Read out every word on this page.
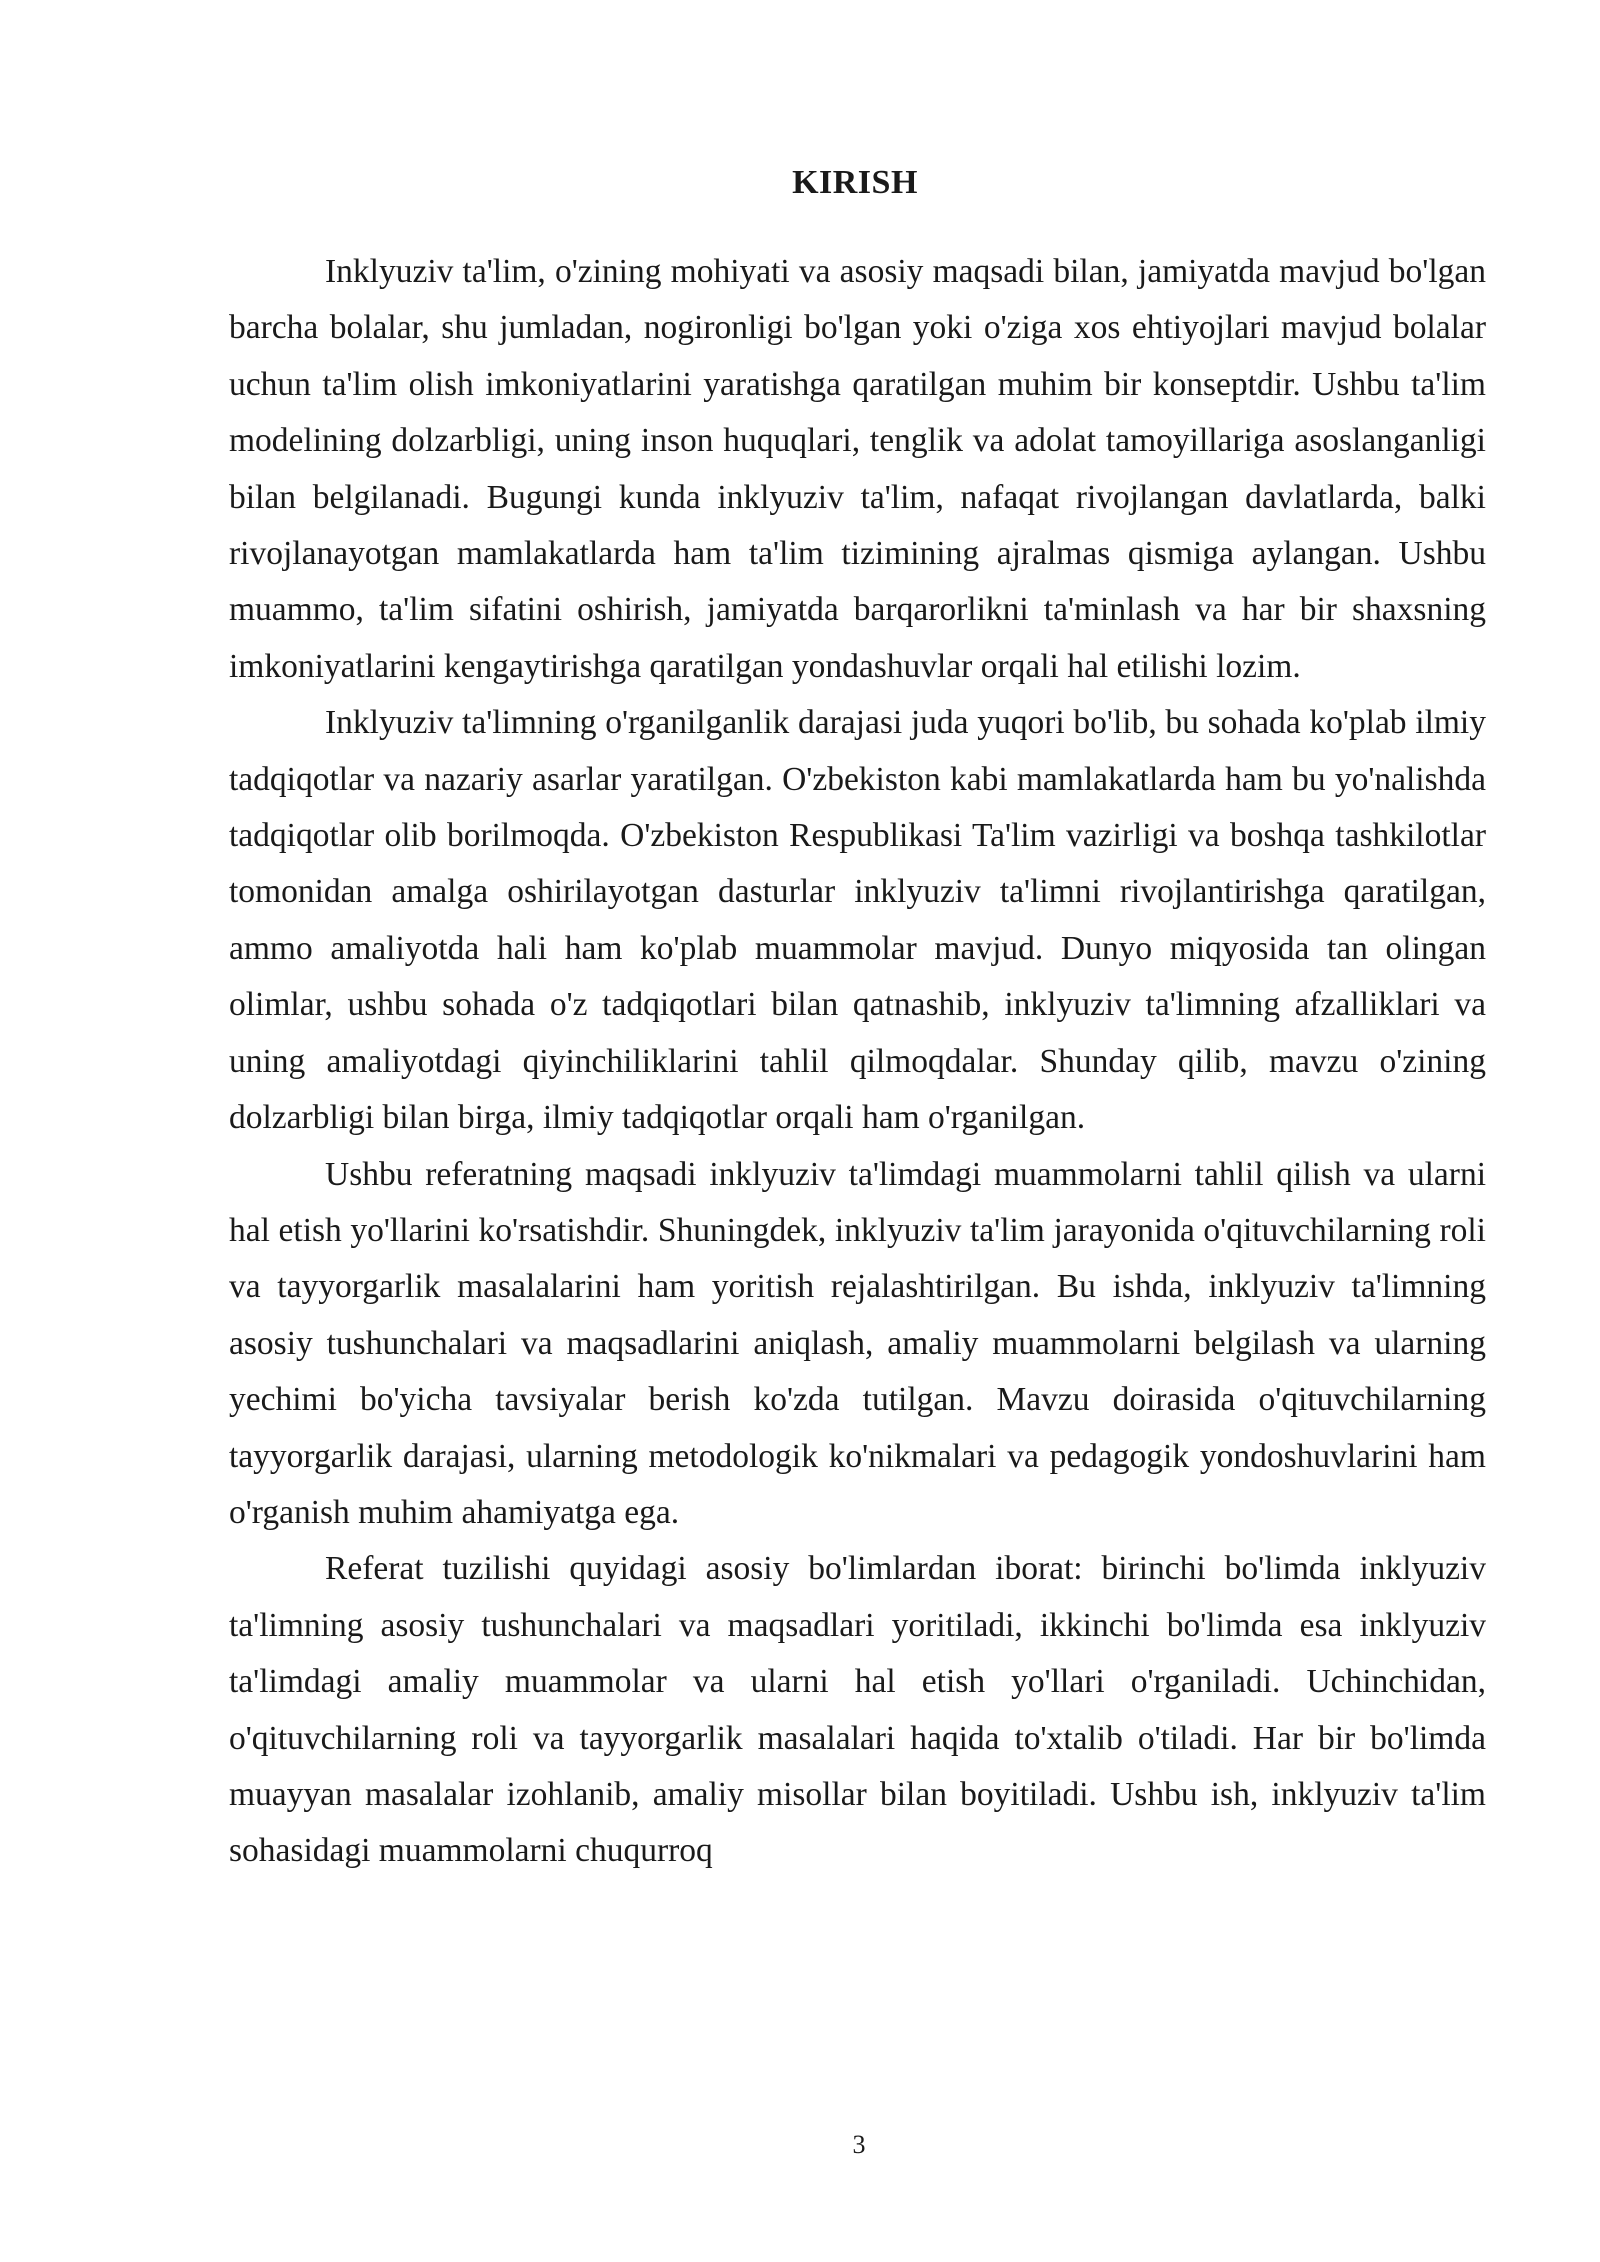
KIRISH

Inklyuziv ta'lim, o'zining mohiyati va asosiy maqsadi bilan, jamiyatda mavjud bo'lgan barcha bolalar, shu jumladan, nogironligi bo'lgan yoki o'ziga xos ehtiyojlari mavjud bolalar uchun ta'lim olish imkoniyatlarini yaratishga qaratilgan muhim bir konseptdir. Ushbu ta'lim modelining dolzarbligi, uning inson huquqlari, tenglik va adolat tamoyillariga asoslanganligi bilan belgilanadi. Bugungi kunda inklyuziv ta'lim, nafaqat rivojlangan davlatlarda, balki rivojlanayotgan mamlakatlarda ham ta'lim tizimining ajralmas qismiga aylangan. Ushbu muammo, ta'lim sifatini oshirish, jamiyatda barqarorlikni ta'minlash va har bir shaxsning imkoniyatlarini kengaytirishga qaratilgan yondashuvlar orqali hal etilishi lozim.

Inklyuziv ta'limning o'rganilganlik darajasi juda yuqori bo'lib, bu sohada ko'plab ilmiy tadqiqotlar va nazariy asarlar yaratilgan. O'zbekiston kabi mamlakatlarda ham bu yo'nalishda tadqiqotlar olib borilmoqda. O'zbekiston Respublikasi Ta'lim vazirligi va boshqa tashkilotlar tomonidan amalga oshirilayotgan dasturlar inklyuziv ta'limni rivojlantirishga qaratilgan, ammo amaliyotda hali ham ko'plab muammolar mavjud. Dunyo miqyosida tan olingan olimlar, ushbu sohada o'z tadqiqotlari bilan qatnashib, inklyuziv ta'limning afzalliklari va uning amaliyotdagi qiyinchiliklarini tahlil qilmoqdalar. Shunday qilib, mavzu o'zining dolzarbligi bilan birga, ilmiy tadqiqotlar orqali ham o'rganilgan.

Ushbu referatning maqsadi inklyuziv ta'limdagi muammolarni tahlil qilish va ularni hal etish yo'llarini ko'rsatishdir. Shuningdek, inklyuziv ta'lim jarayonida o'qituvchilarning roli va tayyorgarlik masalalarini ham yoritish rejalashtirilgan. Bu ishda, inklyuziv ta'limning asosiy tushunchalari va maqsadlarini aniqlash, amaliy muammolarni belgilash va ularning yechimi bo'yicha tavsiyalar berish ko'zda tutilgan. Mavzu doirasida o'qituvchilarning tayyorgarlik darajasi, ularning metodologik ko'nikmalari va pedagogik yondoshuvlarini ham o'rganish muhim ahamiyatga ega.

Referat tuzilishi quyidagi asosiy bo'limlardan iborat: birinchi bo'limda inklyuziv ta'limning asosiy tushunchalari va maqsadlari yoritiladi, ikkinchi bo'limda esa inklyuziv ta'limdagi amaliy muammolar va ularni hal etish yo'llari o'rganiladi. Uchinchidan, o'qituvchilarning roli va tayyorgarlik masalalari haqida to'xtalib o'tiladi. Har bir bo'limda muayyan masalalar izohlanib, amaliy misollar bilan boyitiladi. Ushbu ish, inklyuziv ta'lim sohasidagi muammolarni chuqurroq

3
